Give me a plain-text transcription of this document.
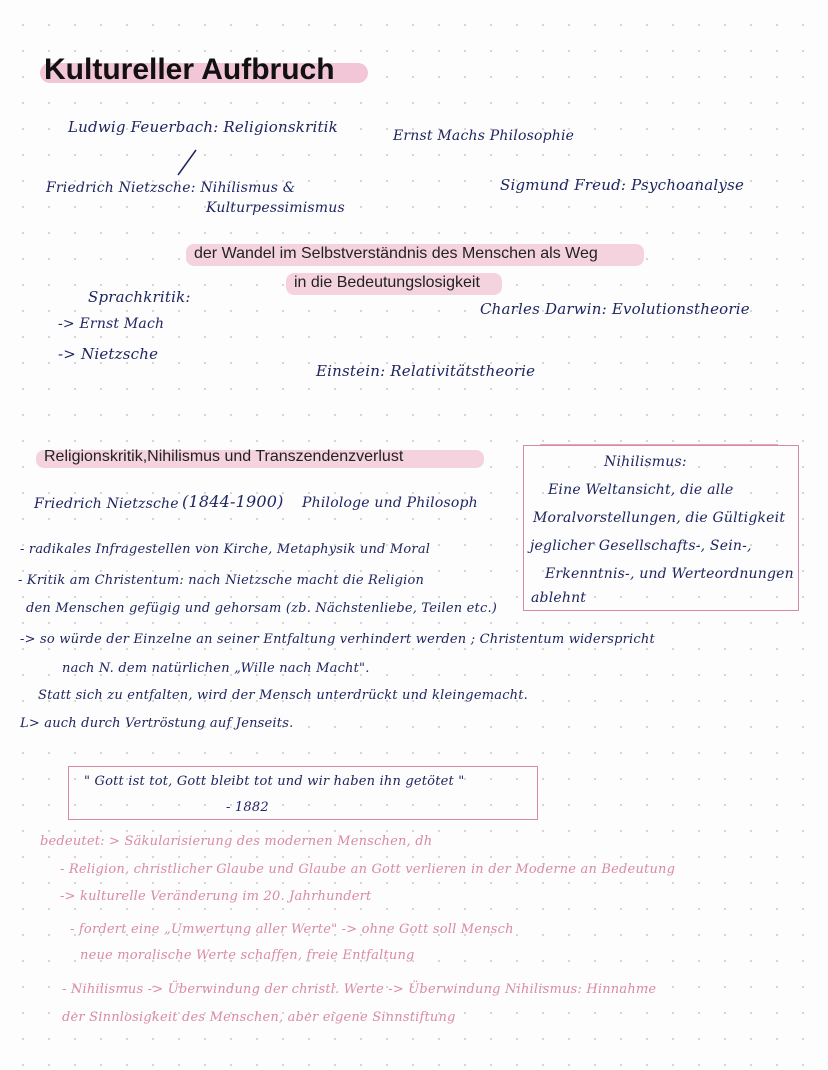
Kultureller Aufbruch
Ludwig Feuerbach: Religionskritik	Ernst Machs Philosophie
Friedrich Nietzsche: Nihilismus &
Kulturpessimismus
Sigmund Freud: Psychoanalyse
der Wandel im Selbstverständnis des Menschen als Weg
in die Bedeutungslosigkeit
Sprachkritik:
-> Ernst Mach
-> Nietzsche
Charles Darwin: Evolutionstheorie
Einstein: Relativitätstheorie
Religionskritik,Nihilismus und Transzendenzverlust	Nihilismus:
Eine Weltansicht, die alle
Moralvorstellungen, die Gültigkeit
jeglicher Gesellschafts-, Sein-,
Erkenntnis-, und Werteordnungen
ablehnt
Friedrich Nietzsche (1844-1900) Philologe und Philosoph
- radikales Infragestellen von Kirche, Metaphysik und Moral
- Kritik am Christentum: nach Nietzsche macht die Religion
den Menschen gefügig und gehorsam (zb. Nächstenliebe, Teilen etc.)
-> so würde der Einzelne an seiner Entfaltung verhindert werden ; Christentum widerspricht
nach N. dem natürlichen „Wille nach Macht".
Statt sich zu entfalten, wird der Mensch unterdrückt und kleingemacht.
L> auch durch Vertröstung auf Jenseits.
" Gott ist tot, Gott bleibt tot und wir haben ihn getötet "
- 1882
bedeutet: > Säkularisierung des modernen Menschen, dh
- Religion, christlicher Glaube und Glaube an Gott verlieren in der Moderne an Bedeutung
-> kulturelle Veränderung im 20. Jahrhundert
- fordert eine „Umwertung aller Werte" -> ohne Gott soll Mensch
neue moralische Werte schaffen, freie Entfaltung
- Nihilismus -> Überwindung der christl. Werte -> Überwindung Nihilismus: Hinnahme
der Sinnlosigkeit des Menschen, aber eigene Sinnstiftung
